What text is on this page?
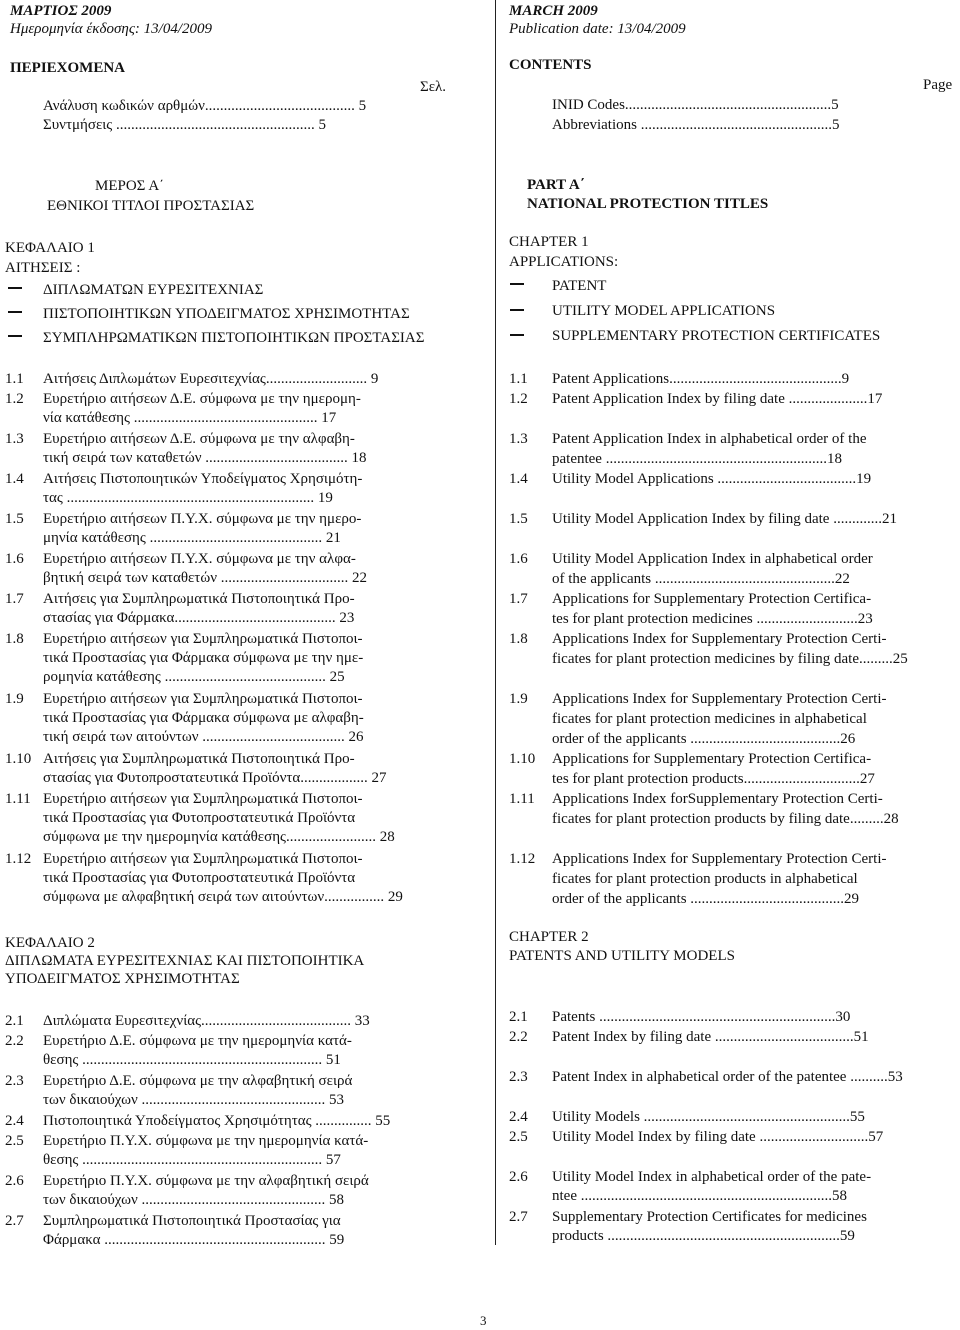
ΜΑΡΤΙΟΣ 2009
Ημερομηνία έκδοσης: 13/04/2009
ΠΕΡΙΕΧΟΜΕΝΑ
Σελ.
Ανάλυση κωδικών αρθμών........................................ 5
Συντμήσεις ..................................................... 5
MARCH 2009
Publication date: 13/04/2009
CONTENTS
Page
INID Codes.......................................................5
Abbreviations ...................................................5
ΜΕΡΟΣ Α΄
ΕΘΝΙΚΟΙ ΤΙΤΛΟΙ ΠΡΟΣΤΑΣΙΑΣ
PART A΄
NATIONAL PROTECTION TITLES
ΚΕΦΑΛΑΙΟ 1
ΑΙΤΗΣΕΙΣ :
ΔΙΠΛΩΜΑΤΩΝ ΕΥΡΕΣΙΤΕΧΝΙΑΣ
ΠΙΣΤΟΠΟΙΗΤΙΚΩΝ ΥΠΟΔΕΙΓΜΑΤΟΣ ΧΡΗΣΙΜΟΤΗΤΑΣ
ΣΥΜΠΛΗΡΩΜΑΤΙΚΩΝ ΠΙΣΤΟΠΟΙΗΤΙΚΩΝ ΠΡΟΣΤΑΣΙΑΣ
CHAPTER 1
APPLICATIONS:
PATENT
UTILITY MODEL APPLICATIONS
SUPPLEMENTARY PROTECTION CERTIFICATES
1.1 Αιτήσεις Διπλωμάτων Ευρεσιτεχνίας........................... 9
1.2 Ευρετήριο αιτήσεων Δ.Ε. σύμφωνα με την ημερομη-
νία κατάθεσης ................................................. 17
1.3 Ευρετήριο αιτήσεων Δ.Ε. σύμφωνα με την αλφαβη-
τική σειρά των καταθετών ...................................... 18
1.4 Αιτήσεις Πιστοποιητικών Υποδείγματος Χρησιμότη-
τας .................................................................. 19
1.5 Ευρετήριο αιτήσεων Π.Υ.Χ. σύμφωνα με την ημερο-
μηνία κατάθεσης .............................................. 21
1.6 Ευρετήριο αιτήσεων Π.Υ.Χ. σύμφωνα με την αλφα-
βητική σειρά των καταθετών .................................. 22
1.7 Αιτήσεις για Συμπληρωματικά Πιστοποιητικά Προ-
στασίας για Φάρμακα........................................... 23
1.8 Ευρετήριο αιτήσεων για Συμπληρωματικά Πιστοποι-
τικά Προστασίας για Φάρμακα σύμφωνα με την ημε-
ρομηνία κατάθεσης ........................................... 25
1.9 Ευρετήριο αιτήσεων για Συμπληρωματικά Πιστοποι-
τικά Προστασίας για Φάρμακα σύμφωνα με αλφαβη-
τική σειρά των αιτούντων ...................................... 26
1.10 Αιτήσεις για Συμπληρωματικά Πιστοποιητικά Προ-
στασίας για Φυτοπροστατευτικά Προϊόντα.................. 27
1.11 Ευρετήριο αιτήσεων για Συμπληρωματικά Πιστοποι-
τικά Προστασίας για Φυτοπροστατευτικά Προϊόντα
σύμφωνα με την ημερομηνία κατάθεσης........................ 28
1.12 Ευρετήριο αιτήσεων για Συμπληρωματικά Πιστοποι-
τικά Προστασίας για Φυτοπροστατευτικά Προϊόντα
σύμφωνα με αλφαβητική σειρά των αιτούντων................ 29
1.1 Patent Applications..............................................9
1.2 Patent Application Index by filing date .....................17
1.3 Patent Application Index in alphabetical order of the
patentee ...........................................................18
1.4 Utility Model Applications .....................................19
1.5 Utility Model Application Index by filing date .............21
1.6 Utility Model Application Index in alphabetical order
of the applicants ................................................22
1.7 Applications for Supplementary Protection Certifica-
tes for plant protection medicines ...........................23
1.8 Applications Index for Supplementary Protection Certi-
ficates for plant protection medicines by filing date.........25
1.9 Applications Index for Supplementary Protection Certi-
ficates for plant protection medicines in alphabetical
order of the applicants ........................................26
1.10 Applications for Supplementary Protection Certifica-
tes for plant protection products...............................27
1.11 Applications Index forSupplementary Protection Certi-
ficates for plant protection products by filing date.........28
1.12 Applications Index for Supplementary Protection Certi-
ficates for plant protection products in alphabetical
order of the applicants .........................................29
ΚΕΦΑΛΑΙΟ 2
ΔΙΠΛΩΜΑΤΑ ΕΥΡΕΣΙΤΕΧΝΙΑΣ ΚΑΙ ΠΙΣΤΟΠΟΙΗΤΙΚΑ
ΥΠΟΔΕΙΓΜΑΤΟΣ ΧΡΗΣΙΜΟΤΗΤΑΣ
CHAPTER 2
PATENTS AND UTILITY MODELS
2.1 Διπλώματα Ευρεσιτεχνίας........................................ 33
2.2 Ευρετήριο Δ.Ε. σύμφωνα με την ημερομηνία κατά-
θεσης ................................................................ 51
2.3 Ευρετήριο Δ.Ε. σύμφωνα με την αλφαβητική σειρά
των δικαιούχων ................................................. 53
2.4 Πιστοποιητικά Υποδείγματος Χρησιμότητας ............... 55
2.5 Ευρετήριο Π.Υ.Χ. σύμφωνα με την ημερομηνία κατά-
θεσης ................................................................ 57
2.6 Ευρετήριο Π.Υ.Χ. σύμφωνα με την αλφαβητική σειρά
των δικαιούχων ................................................. 58
2.7 Συμπληρωματικά Πιστοποιητικά Προστασίας για
Φάρμακα ........................................................... 59
2.1 Patents ...............................................................30
2.2 Patent Index by filing date .....................................51
2.3 Patent Index in alphabetical order of the patentee ..........53
2.4 Utility Models .......................................................55
2.5 Utility Model Index by filing date .............................57
2.6 Utility Model Index in alphabetical order of the pate-
ntee ...................................................................58
2.7 Supplementary Protection Certificates for medicines
products ..............................................................59
3
